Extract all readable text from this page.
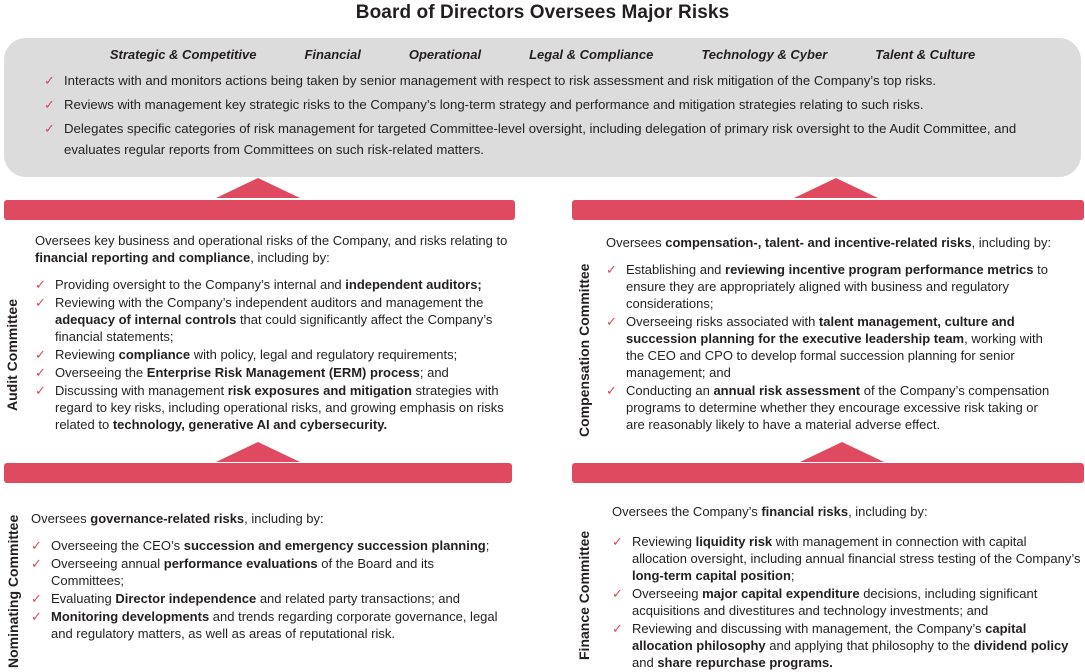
Board of Directors Oversees Major Risks
Strategic & Competitive	Financial	Operational	Legal & Compliance	Technology & Cyber	Talent & Culture
✓ Interacts with and monitors actions being taken by senior management with respect to risk assessment and risk mitigation of the Company’s top risks.
✓ Reviews with management key strategic risks to the Company’s long-term strategy and performance and mitigation strategies relating to such risks.
✓ Delegates specific categories of risk management for targeted Committee-level oversight, including delegation of primary risk oversight to the Audit Committee, and evaluates regular reports from Committees on such risk-related matters.
Audit Committee
Oversees key business and operational risks of the Company, and risks relating to financial reporting and compliance, including by:
✓ Providing oversight to the Company’s internal and independent auditors;
✓ Reviewing with the Company’s independent auditors and management the adequacy of internal controls that could significantly affect the Company’s financial statements;
✓ Reviewing compliance with policy, legal and regulatory requirements;
✓ Overseeing the Enterprise Risk Management (ERM) process; and
✓ Discussing with management risk exposures and mitigation strategies with regard to key risks, including operational risks, and growing emphasis on risks related to technology, generative AI and cybersecurity.	Compensation Committee
Oversees compensation-, talent- and incentive-related risks, including by:
✓ Establishing and reviewing incentive program performance metrics to ensure they are appropriately aligned with business and regulatory considerations;
✓ Overseeing risks associated with talent management, culture and succession planning for the executive leadership team, working with the CEO and CPO to develop formal succession planning for senior management; and
✓ Conducting an annual risk assessment of the Company’s compensation programs to determine whether they encourage excessive risk taking or are reasonably likely to have a material adverse effect.
Nominating Committee Oversees governance-related risks, including by:
✓ Overseeing the CEO’s succession and emergency succession planning;
✓ Overseeing annual performance evaluations of the Board and its Committees;
✓ Evaluating Director independence and related party transactions; and
✓ Monitoring developments and trends regarding corporate governance, legal and regulatory matters, as well as areas of reputational risk.	Finance Committee
Oversees the Company’s financial risks, including by:
✓ Reviewing liquidity risk with management in connection with capital allocation oversight, including annual financial stress testing of the Company’s long-term capital position;
✓ Overseeing major capital expenditure decisions, including significant acquisitions and divestitures and technology investments; and
✓ Reviewing and discussing with management, the Company’s capital allocation philosophy and applying that philosophy to the dividend policy and share repurchase programs.
